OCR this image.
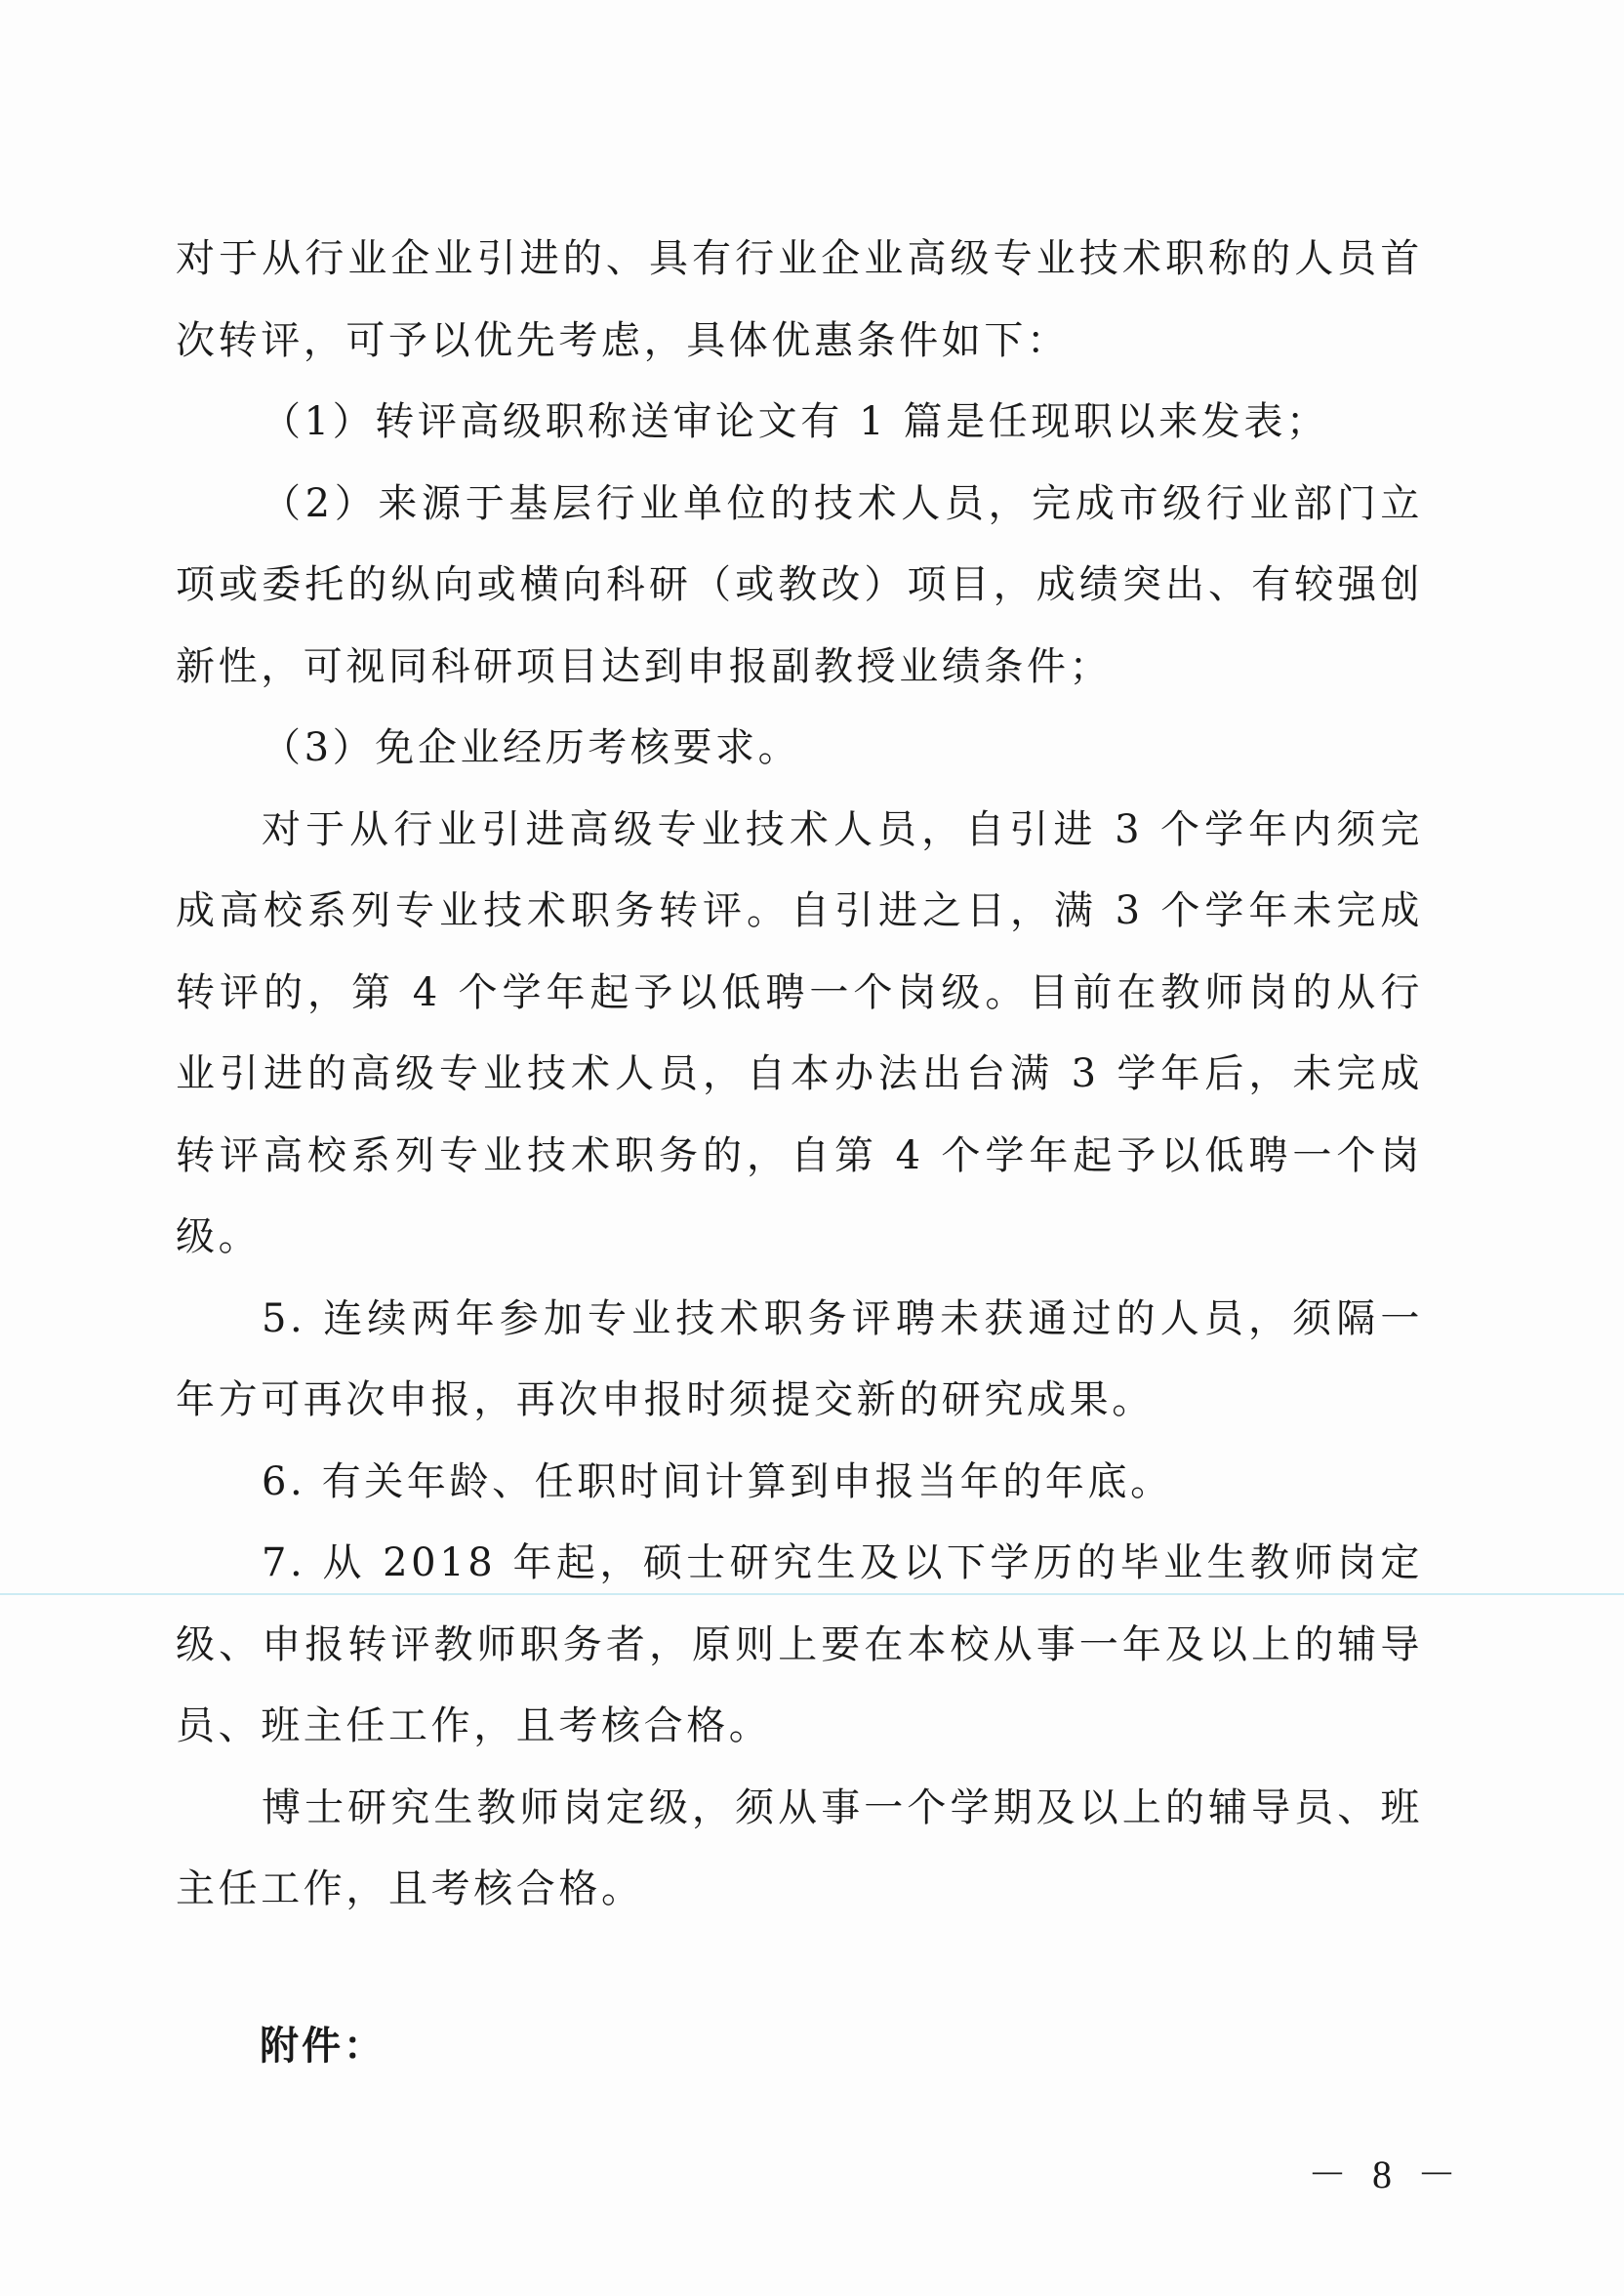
对于从行业企业引进的、具有行业企业高级专业技术职称的人员首次转评，可予以优先考虑，具体优惠条件如下：

（1）转评高级职称送审论文有 1 篇是任现职以来发表；

（2）来源于基层行业单位的技术人员，完成市级行业部门立项或委托的纵向或横向科研（或教改）项目，成绩突出、有较强创新性，可视同科研项目达到申报副教授业绩条件；

（3）免企业经历考核要求。

对于从行业引进高级专业技术人员，自引进 3 个学年内须完成高校系列专业技术职务转评。自引进之日，满 3 个学年未完成转评的，第 4 个学年起予以低聘一个岗级。目前在教师岗的从行业引进的高级专业技术人员，自本办法出台满 3 学年后，未完成转评高校系列专业技术职务的，自第 4 个学年起予以低聘一个岗级。

5. 连续两年参加专业技术职务评聘未获通过的人员，须隔一年方可再次申报，再次申报时须提交新的研究成果。

6. 有关年龄、任职时间计算到申报当年的年底。

7. 从 2018 年起，硕士研究生及以下学历的毕业生教师岗定级、申报转评教师职务者，原则上要在本校从事一年及以上的辅导员、班主任工作，且考核合格。

博士研究生教师岗定级，须从事一个学期及以上的辅导员、班主任工作，且考核合格。

附件：
－ 8 －
